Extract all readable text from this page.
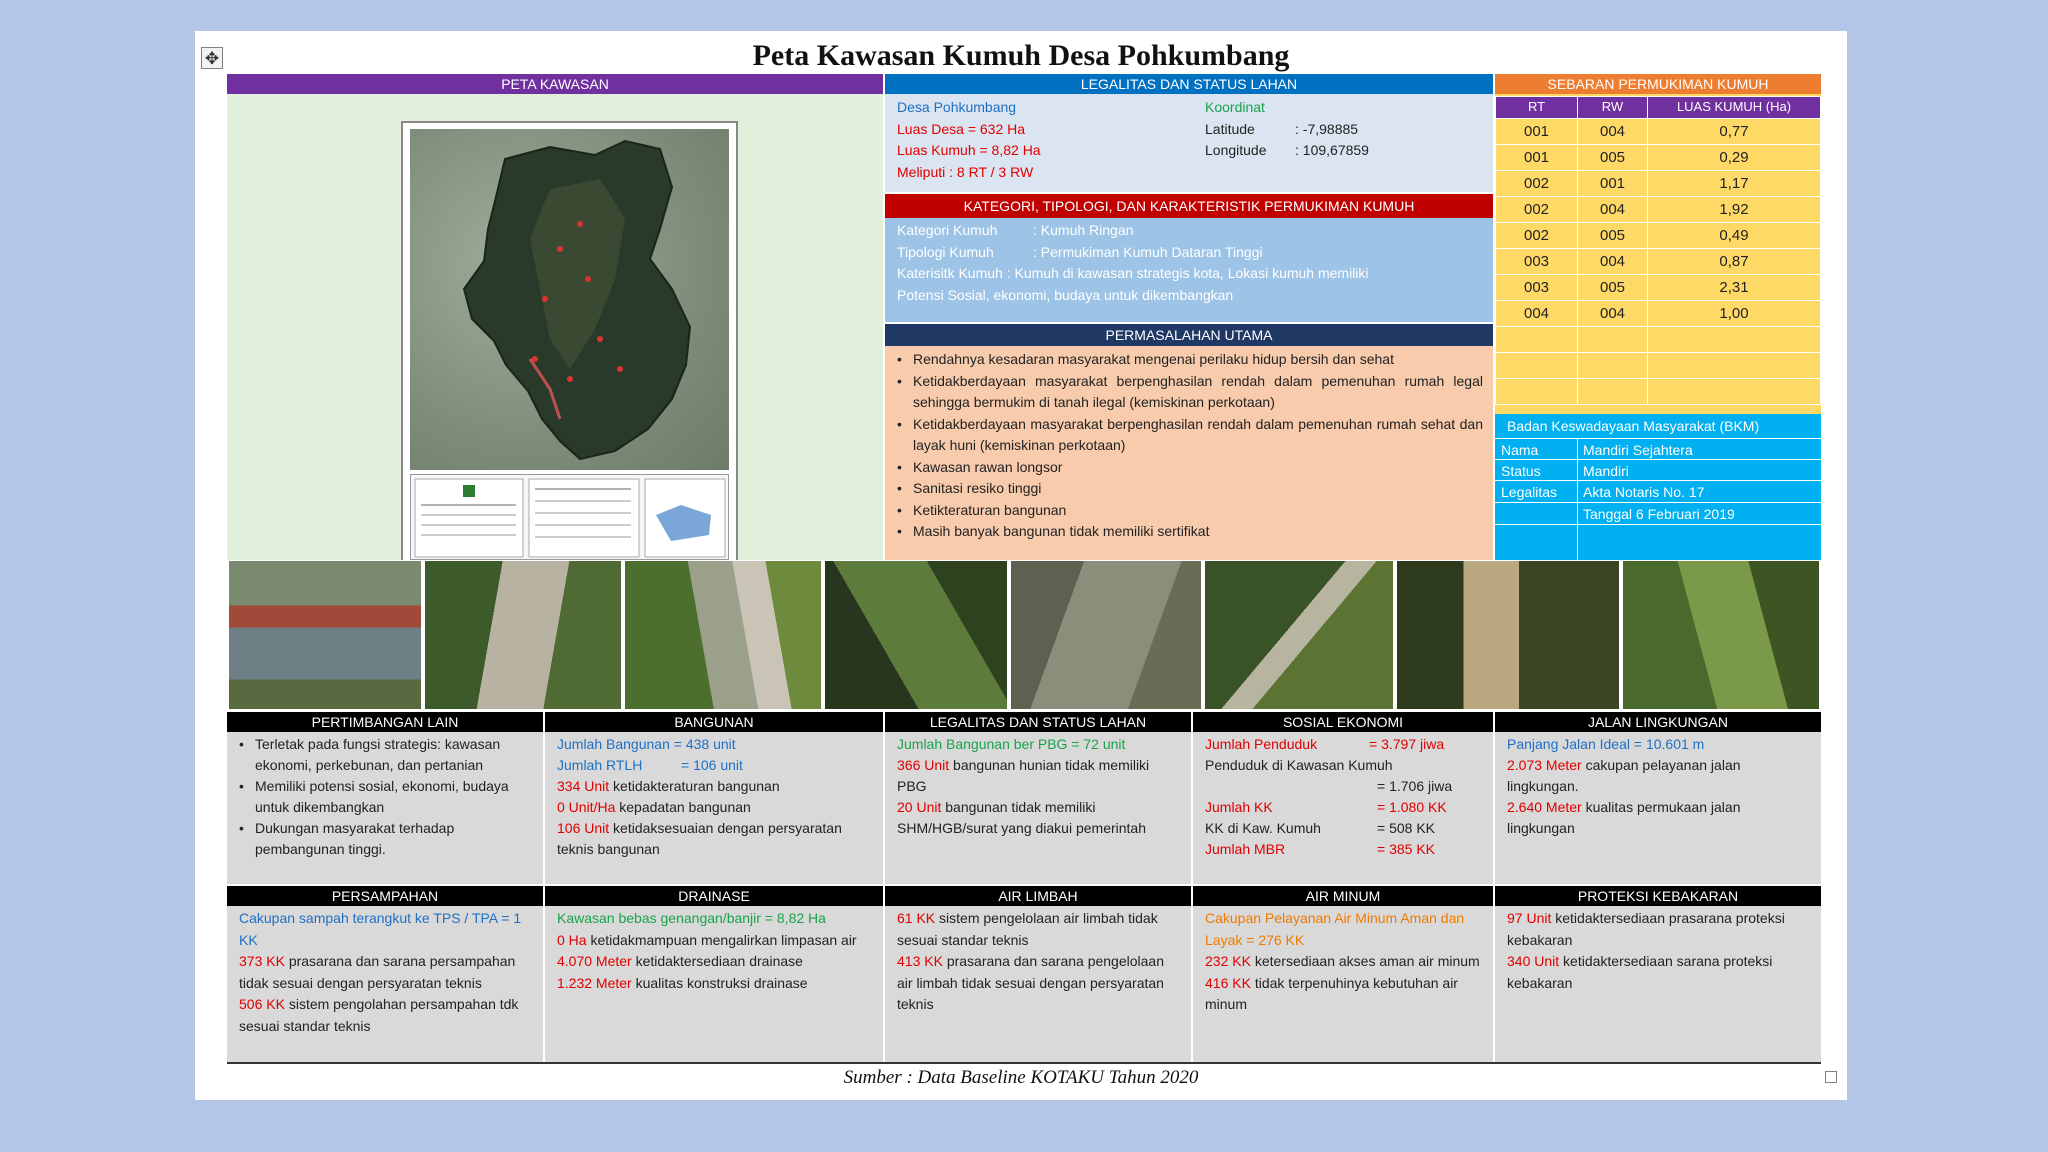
✥	Peta Kawasan Kumuh Desa Pohkumbang
PETA KAWASAN	LEGALITAS DAN STATUS LAHAN
Desa Pohkumbang
Luas Desa = 632 Ha
Luas Kumuh = 8,82 Ha
Meliputi : 8 RT / 3 RW
Koordinat
Latitude	: -7,98885
Longitude : 109,67859
KATEGORI, TIPOLOGI, DAN KARAKTERISTIK PERMUKIMAN KUMUH
Kategori Kumuh	: Kumuh Ringan
Tipologi Kumuh	: Permukiman Kumuh Dataran Tinggi
Katerisitk Kumuh : Kumuh di kawasan strategis kota, Lokasi kumuh memiliki
Potensi Sosial, ekonomi, budaya untuk dikembangkan
PERMASALAHAN UTAMA
• Rendahnya kesadaran masyarakat mengenai perilaku hidup bersih dan sehat
• Ketidakberdayaan masyarakat berpenghasilan rendah dalam pemenuhan rumah legal sehingga bermukim di tanah ilegal (kemiskinan perkotaan)
• Ketidakberdayaan masyarakat berpenghasilan rendah dalam pemenuhan rumah sehat dan layak huni (kemiskinan perkotaan)
• Kawasan rawan longsor
• Sanitasi resiko tinggi
• Ketikteraturan bangunan
• Masih banyak bangunan tidak memiliki sertifikat
SEBARAN PERMUKIMAN KUMUH
RT	RW	LUAS KUMUH (Ha)
001	004	0,77
001	005	0,29
002	001	1,17
002	004	1,92
002	005	0,49
003	004	0,87
003	005	2,31
004	004	1,00

Badan Keswadayaan Masyarakat (BKM)
Nama	Mandiri Sejahtera
Status	Mandiri
Legalitas Akta Notaris No. 17
Tanggal 6 Februari 2019
PERTIMBANGAN LAIN	BANGUNAN	LEGALITAS DAN STATUS LAHAN	SOSIAL EKONOMI	JALAN LINGKUNGAN
• Terletak pada fungsi strategis: kawasan ekonomi, perkebunan, dan pertanian
• Memiliki potensi sosial, ekonomi, budaya untuk dikembangkan
• Dukungan masyarakat terhadap pembangunan tinggi.
Jumlah Bangunan = 438 unit
Jumlah RTLH	= 106 unit
334 Unit ketidakteraturan bangunan
0 Unit/Ha kepadatan bangunan
106 Unit ketidaksesuaian dengan persyaratan teknis bangunan
Jumlah Bangunan ber PBG = 72 unit
366 Unit bangunan hunian tidak memiliki PBG
20 Unit bangunan tidak memiliki SHM/HGB/surat yang diakui pemerintah
Jumlah Penduduk	= 3.797 jiwa
Penduduk di Kawasan Kumuh
= 1.706 jiwa
Jumlah KK	= 1.080 KK
KK di Kaw. Kumuh	= 508 KK
Jumlah MBR	= 385 KK
Panjang Jalan Ideal = 10.601 m
2.073 Meter cakupan pelayanan jalan lingkungan.
2.640 Meter kualitas permukaan jalan lingkungan
PERSAMPAHAN	DRAINASE	AIR LIMBAH	AIR MINUM	PROTEKSI KEBAKARAN
Cakupan sampah terangkut ke TPS / TPA = 1 KK
373 KK prasarana dan sarana persampahan tidak sesuai dengan persyaratan teknis
506 KK sistem pengolahan persampahan tdk sesuai standar teknis
Kawasan bebas genangan/banjir = 8,82 Ha
0 Ha ketidakmampuan mengalirkan limpasan air
4.070 Meter ketidaktersediaan drainase
1.232 Meter kualitas konstruksi drainase
61 KK sistem pengelolaan air limbah tidak sesuai standar teknis
413 KK prasarana dan sarana pengelolaan air limbah tidak sesuai dengan persyaratan teknis
Cakupan Pelayanan Air Minum Aman dan Layak = 276 KK
232 KK ketersediaan akses aman air minum
416 KK tidak terpenuhinya kebutuhan air minum
97 Unit ketidaktersediaan prasarana proteksi kebakaran
340 Unit ketidaktersediaan sarana proteksi kebakaran
Sumber : Data Baseline KOTAKU Tahun 2020
